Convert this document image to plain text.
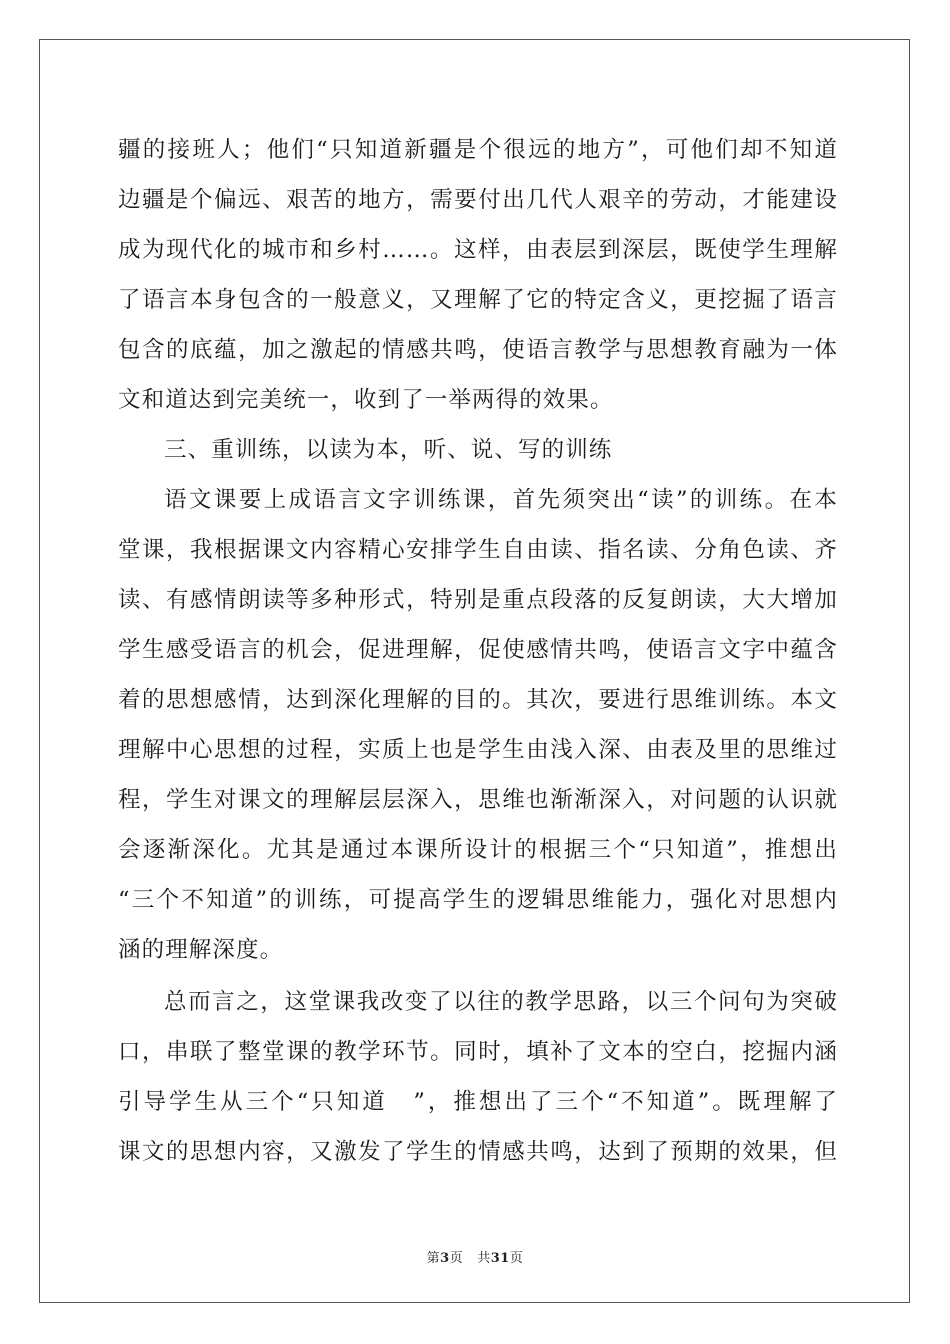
疆的接班人；他们“只知道新疆是个很远的地方”，可他们却不知道
边疆是个偏远、艰苦的地方，需要付出几代人艰辛的劳动，才能建设
成为现代化的城市和乡村……。这样，由表层到深层，既使学生理解
了语言本身包含的一般意义，又理解了它的特定含义，更挖掘了语言
包含的底蕴，加之激起的情感共鸣，使语言教学与思想教育融为一体
文和道达到完美统一，收到了一举两得的效果。
三、重训练，以读为本，听、说、写的训练
语文课要上成语言文字训练课，首先须突出“读”的训练。在本
堂课，我根据课文内容精心安排学生自由读、指名读、分角色读、齐
读、有感情朗读等多种形式，特别是重点段落的反复朗读，大大增加
学生感受语言的机会，促进理解，促使感情共鸣，使语言文字中蕴含
着的思想感情，达到深化理解的目的。其次，要进行思维训练。本文
理解中心思想的过程，实质上也是学生由浅入深、由表及里的思维过
程，学生对课文的理解层层深入，思维也渐渐深入，对问题的认识就
会逐渐深化。尤其是通过本课所设计的根据三个“只知道”，推想出
“三个不知道”的训练，可提高学生的逻辑思维能力，强化对思想内
涵的理解深度。
总而言之，这堂课我改变了以往的教学思路，以三个问句为突破
口，串联了整堂课的教学环节。同时，填补了文本的空白，挖掘内涵
引导学生从三个“只知道　”，推想出了三个“不知道”。既理解了
课文的思想内容，又激发了学生的情感共鸣，达到了预期的效果，但
第3页 共31页
